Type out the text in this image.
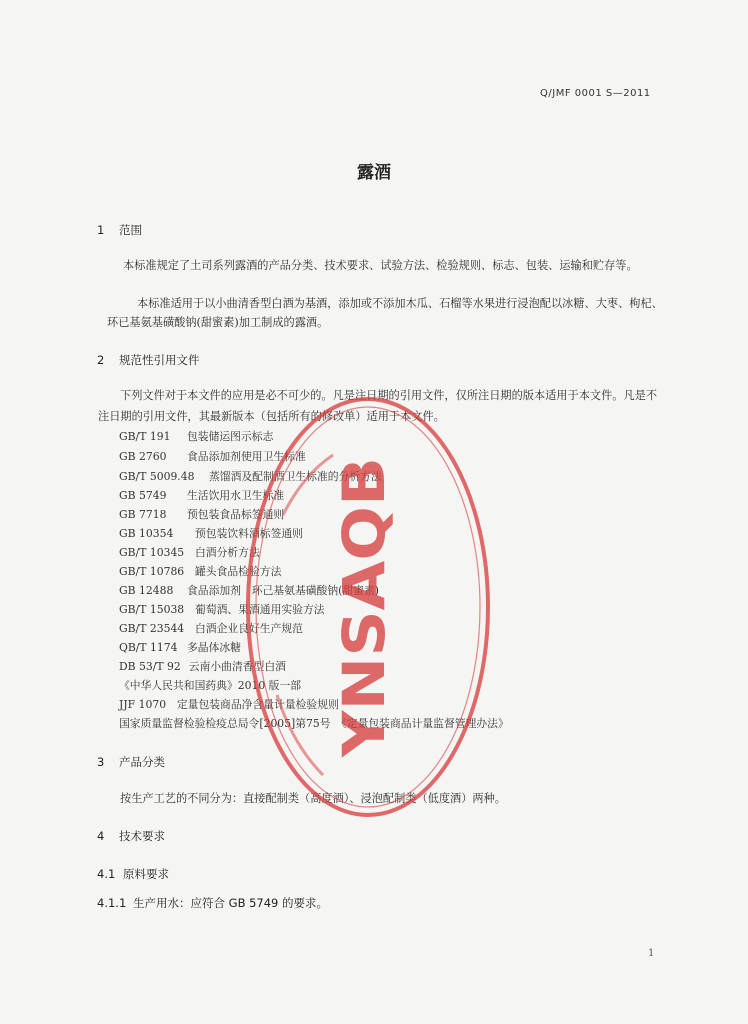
Q/JMF 0001 S—2011
露酒
1 范围
本标准规定了土司系列露酒的产品分类、技术要求、试验方法、检验规则、标志、包装、运输和贮存等。
本标准适用于以小曲清香型白酒为基酒，添加或不添加木瓜、石榴等水果进行浸泡配以冰糖、大枣、枸杞、环已基氨基磺酸钠(甜蜜素)加工制成的露酒。
2 规范性引用文件
下列文件对于本文件的应用是必不可少的。凡是注日期的引用文件，仅所注日期的版本适用于本文件。凡是不注日期的引用文件，其最新版本（包括所有的修改单）适用于本文件。
GB/T 191 包装储运图示标志
GB 2760 食品添加剂使用卫生标准
GB/T 5009.48 蒸馏酒及配制酒卫生标准的分析方法
GB 5749 生活饮用水卫生标准
GB 7718 预包装食品标签通则
GB 10354 预包装饮料酒标签通则
GB/T 10345 白酒分析方法
GB/T 10786 罐头食品检验方法
GB 12488 食品添加剂　环己基氨基磺酸钠(甜蜜素)
GB/T 15038 葡萄酒、果酒通用实验方法
GB/T 23544 白酒企业良好生产规范
QB/T 1174 多晶体冰糖
DB 53/T 92 云南小曲清香型白酒
《中华人民共和国药典》2010 版一部
JJF 1070　定量包装商品净含量计量检验规则
国家质量监督检验检疫总局令[2005]第75号　《定量包装商品计量监督管理办法》
3 产品分类
按生产工艺的不同分为：直接配制类（高度酒）、浸泡配制类（低度酒）两种。
4 技术要求
4.1 原料要求
4.1.1 生产用水：应符合 GB 5749 的要求。
YNSAQB
1
